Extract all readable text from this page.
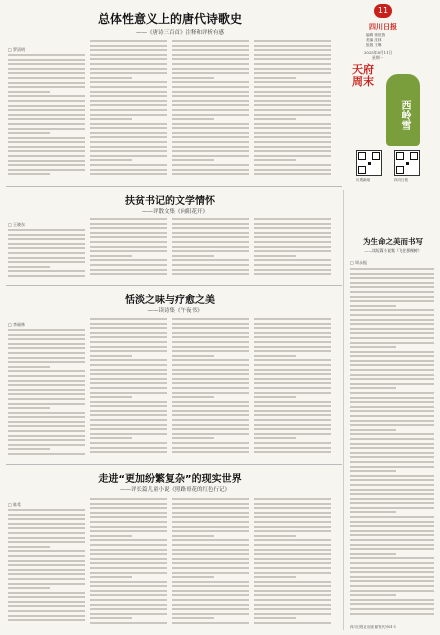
总体性意义上的唐代诗歌史
——《唐诗三百首》注释和评析有感
□ 罗清明
11
四川日报
编辑 蒋世燕
美编 沈林
组版 王琳
2025年8月11日
星期一
天府周末
西岭雪
川观新闻	四川日报
扶贫书记的文学情怀
——评散文集《向阳花开》
□ 王晓东
恬淡之味与疗愈之美
——读诗集《午夜书》
□ 李福林
走进“更加纷繁复杂”的现实世界
——评长篇儿童小说《照路哥花的红色行记》
□ 陈希
为生命之美而书写
——读短篇小说集《飞往那棵树》
□ 周永振
四川日报社出版 邮发代号61-1
